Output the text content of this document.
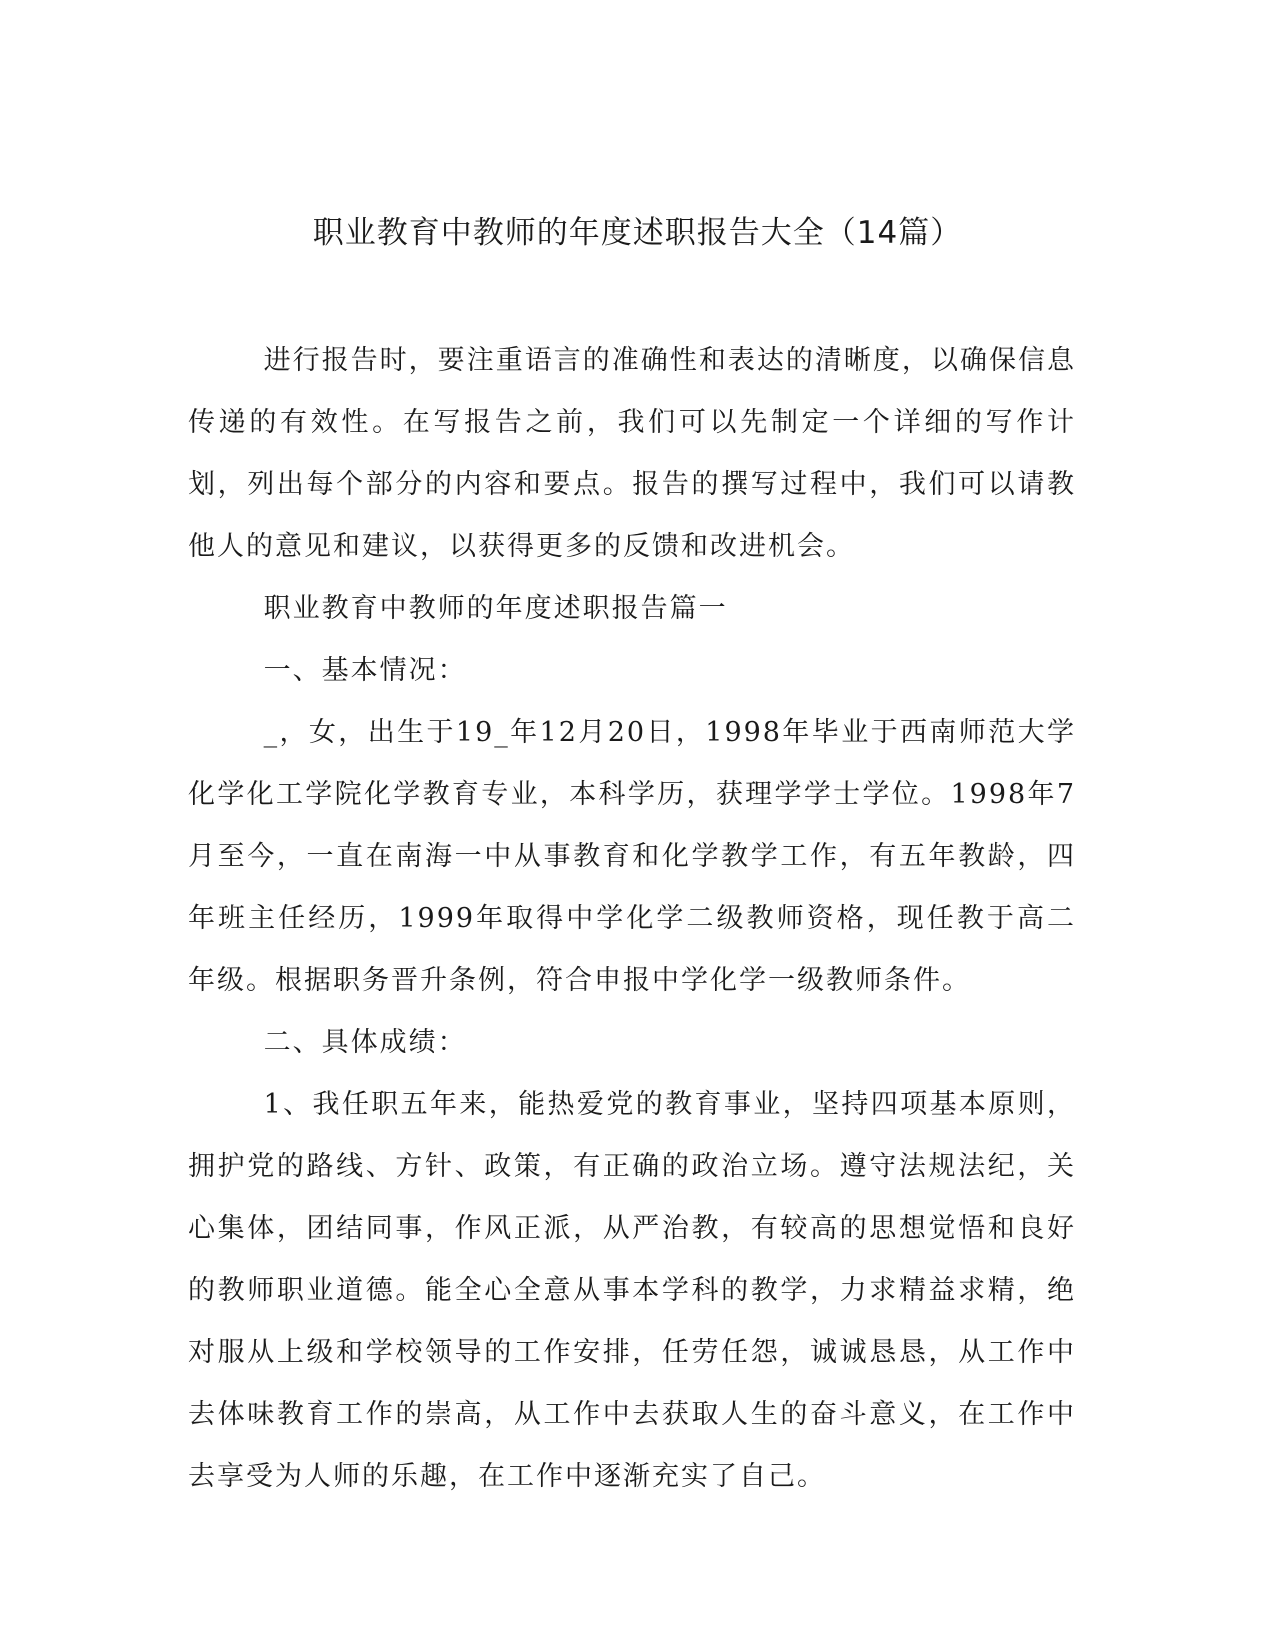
职业教育中教师的年度述职报告大全（14篇）

进行报告时，要注重语言的准确性和表达的清晰度，以确保信息传递的有效性。在写报告之前，我们可以先制定一个详细的写作计划，列出每个部分的内容和要点。报告的撰写过程中，我们可以请教他人的意见和建议，以获得更多的反馈和改进机会。

职业教育中教师的年度述职报告篇一

一、基本情况：

_，女，出生于19_年12月20日，1998年毕业于西南师范大学化学化工学院化学教育专业，本科学历，获理学学士学位。1998年7月至今，一直在南海一中从事教育和化学教学工作，有五年教龄，四年班主任经历，1999年取得中学化学二级教师资格，现任教于高二年级。根据职务晋升条例，符合申报中学化学一级教师条件。

二、具体成绩：

1、我任职五年来，能热爱党的教育事业，坚持四项基本原则，拥护党的路线、方针、政策，有正确的政治立场。遵守法规法纪，关心集体，团结同事，作风正派，从严治教，有较高的思想觉悟和良好的教师职业道德。能全心全意从事本学科的教学，力求精益求精，绝对服从上级和学校领导的工作安排，任劳任怨，诚诚恳恳，从工作中去体味教育工作的崇高，从工作中去获取人生的奋斗意义，在工作中去享受为人师的乐趣，在工作中逐渐充实了自己。
